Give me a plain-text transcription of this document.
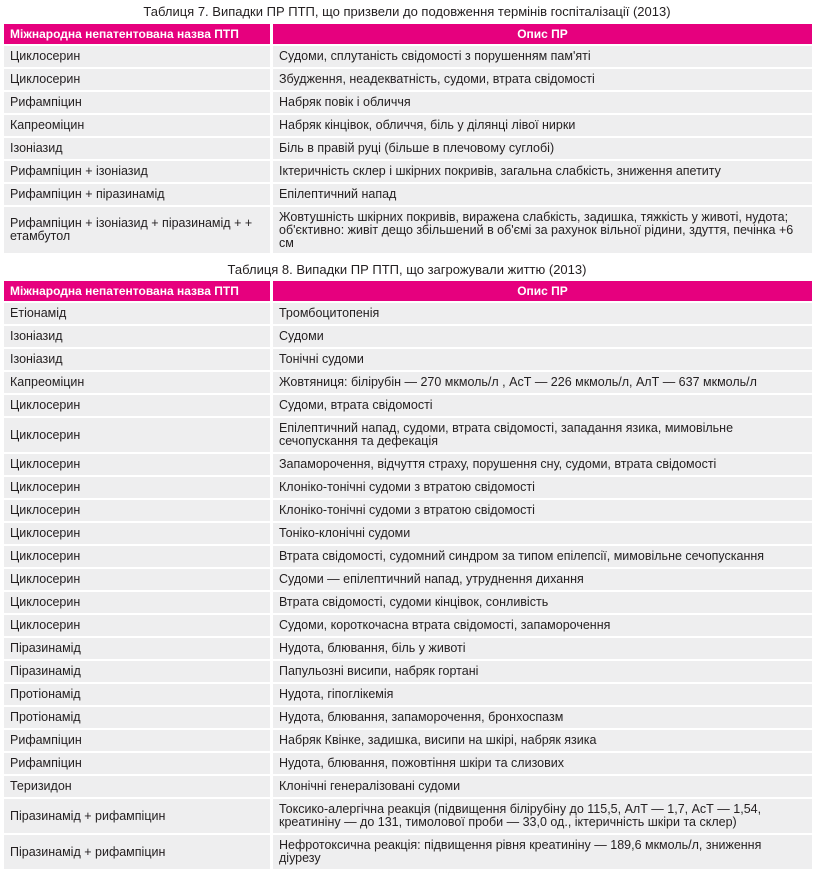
Таблиця 7. Випадки ПР ПТП, що призвели до подовження термінів госпіталізації (2013)
Міжнародна непатентована назва ПТП	Опис ПР
Циклосерин	Судоми, сплутаність свідомості з порушенням пам'яті
Циклосерин	Збудження, неадекватність, судоми, втрата свідомості
Рифампіцин	Набряк повік і обличчя
Капреоміцин	Набряк кінцівок, обличчя, біль у ділянці лівої нирки
Ізоніазид	Біль в правій руці (більше в плечовому суглобі)
Рифампіцин + ізоніазид	Іктеричність склер і шкірних покривів, загальна слабкість, зниження апетиту
Рифампіцин + піразинамід	Епілептичний напад
Рифампіцин + ізоніазид + піразинамід + + етамбутол	Жовтушність шкірних покривів, виражена слабкість, задишка, тяжкість у животі, нудота; об'єктивно: живіт дещо збільшений в об'ємі за рахунок вільної рідини, здуття, печінка +6 см
Таблиця 8. Випадки ПР ПТП, що загрожували життю (2013)
Міжнародна непатентована назва ПТП	Опис ПР
Етіонамід	Тромбоцитопенія
Ізоніазид	Судоми
Ізоніазид	Тонічні судоми
Капреоміцин	Жовтяниця: білірубін — 270 мкмоль/л , АсТ — 226 мкмоль/л, АлТ — 637 мкмоль/л
Циклосерин	Судоми, втрата свідомості
Циклосерин	Епілептичний напад, судоми, втрата свідомості, западання язика, мимовільне сечопускання та дефекація
Циклосерин	Запаморочення, відчуття страху, порушення сну, судоми, втрата свідомості
Циклосерин	Клоніко-тонічні судоми з втратою свідомості
Циклосерин	Клоніко-тонічні судоми з втратою свідомості
Циклосерин	Тоніко-клонічні судоми
Циклосерин	Втрата свідомості, судомний синдром за типом епілепсії, мимовільне сечопускання
Циклосерин	Судоми — епілептичний напад, утруднення дихання
Циклосерин	Втрата свідомості, судоми кінцівок, сонливість
Циклосерин	Судоми, короткочасна втрата свідомості, запаморочення
Піразинамід	Нудота, блювання, біль у животі
Піразинамід	Папульозні висипи, набряк гортані
Протіонамід	Нудота, гіпоглікемія
Протіонамід	Нудота, блювання, запаморочення, бронхоспазм
Рифампіцин	Набряк Квінке, задишка, висипи на шкірі, набряк язика
Рифампіцин	Нудота, блювання, пожовтіння шкіри та слизових
Теризидон	Клонічні генералізовані судоми
Піразинамід + рифампіцин	Токсико-алергічна реакція (підвищення білірубіну до 115,5, АлТ — 1,7, АсТ — 1,54, креатиніну — до 131, тимолової проби — 33,0 од., іктеричність шкіри та склер)
Піразинамід + рифампіцин	Нефротоксична реакція: підвищення рівня креатиніну — 189,6 мкмоль/л, зниження діурезу
